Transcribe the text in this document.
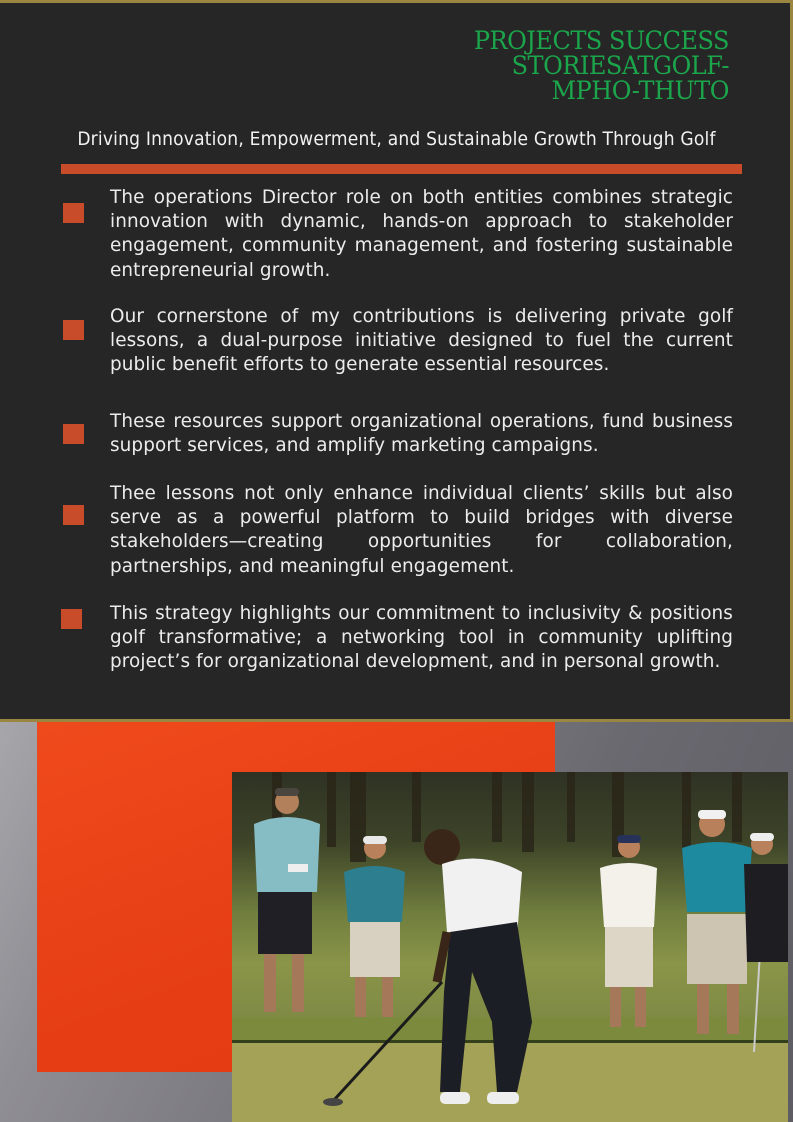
PROJECTS SUCCESS
STORIESATGOLF-
MPHO-THUTO
Driving Innovation, Empowerment, and Sustainable Growth Through Golf

The operations Director role on both entities combines strategic innovation with dynamic, hands-on approach to stakeholder engagement, community management, and fostering sustainable entrepreneurial growth.

Our cornerstone of my contributions is delivering private golf lessons, a dual-purpose initiative designed to fuel the current public benefit efforts to generate essential resources.

These resources support organizational operations, fund business support services, and amplify marketing campaigns.

Thee lessons not only enhance individual clients’ skills but also serve as a powerful platform to build bridges with diverse stakeholders—creating opportunities for collaboration, partnerships, and meaningful engagement.

This strategy highlights our commitment to inclusivity & positions golf transformative; a networking tool in community uplifting project’s for organizational development, and in personal growth.
